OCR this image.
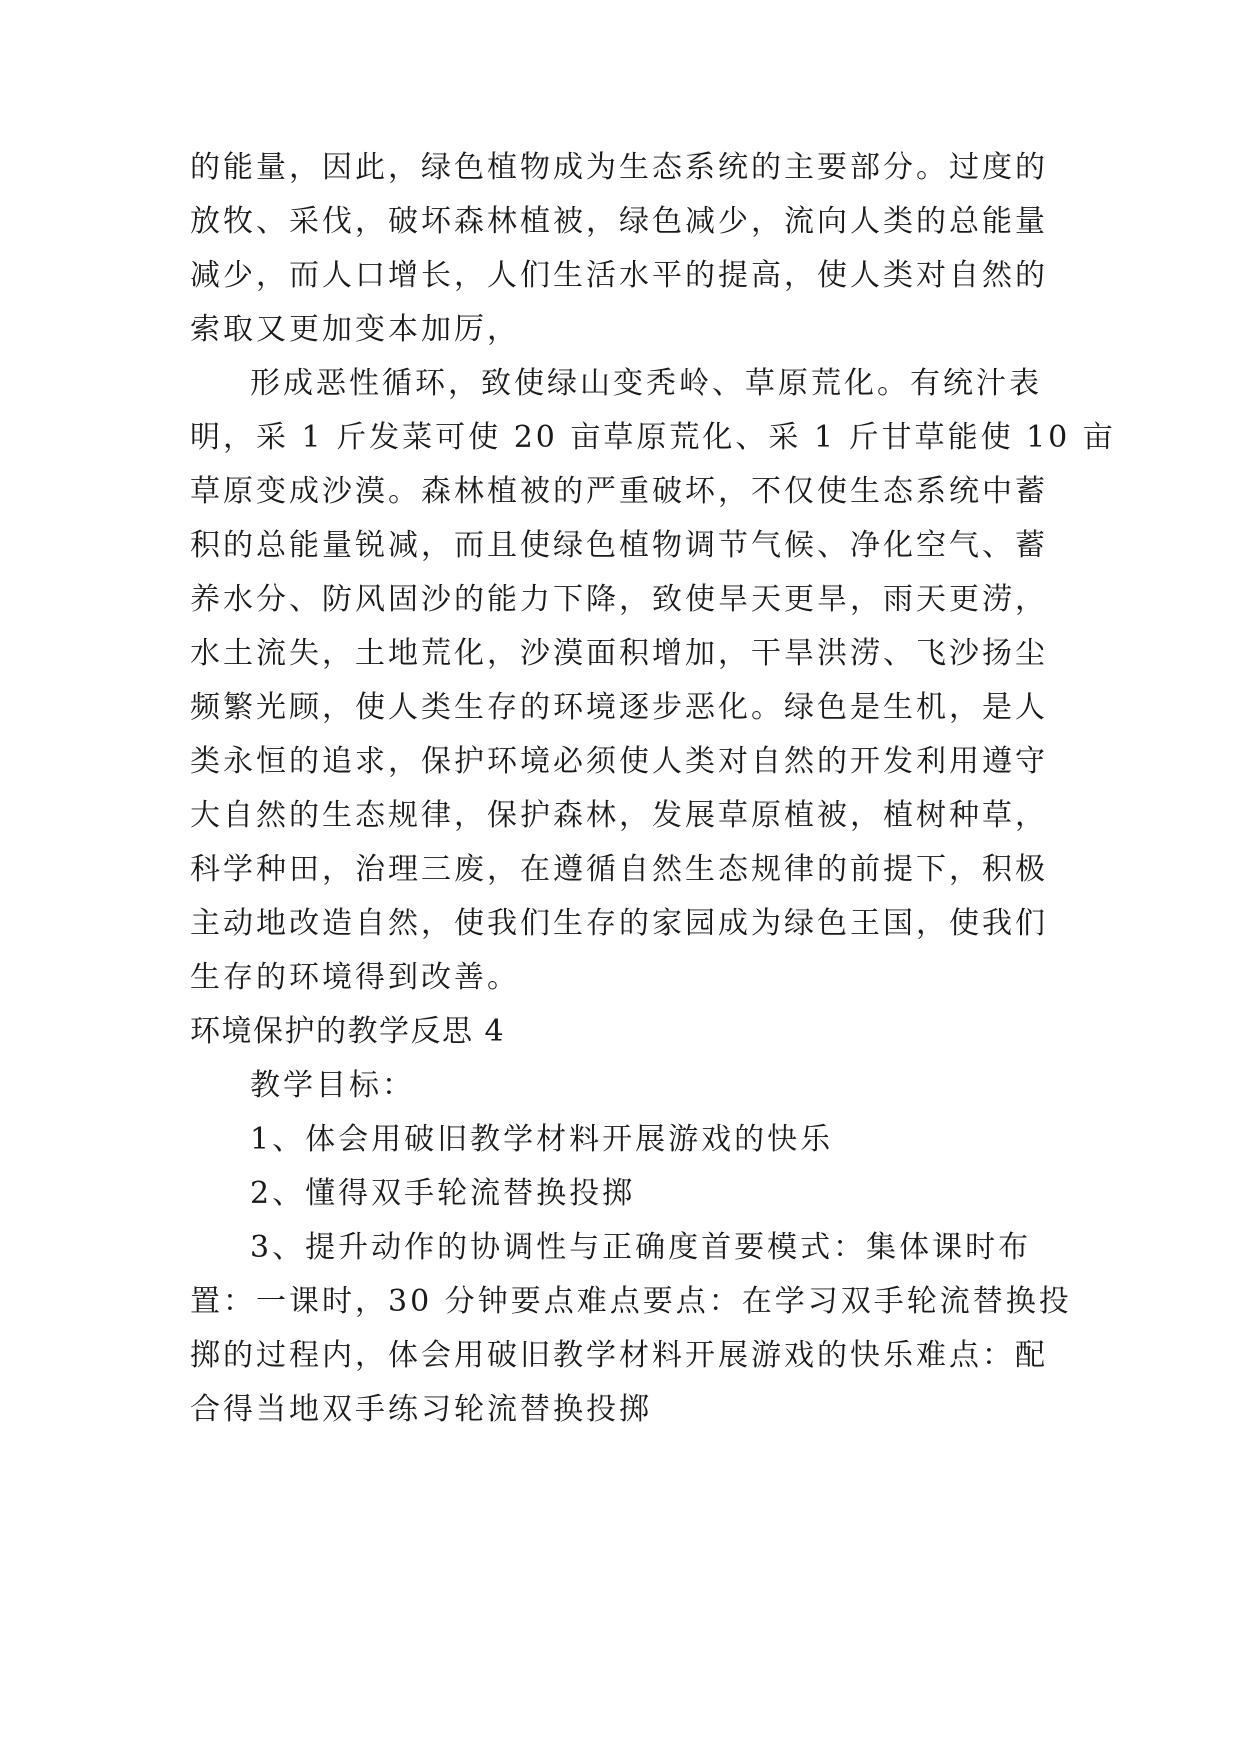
的能量，因此，绿色植物成为生态系统的主要部分。过度的
放牧、采伐，破坏森林植被，绿色减少，流向人类的总能量
减少，而人口增长，人们生活水平的提高，使人类对自然的
索取又更加变本加厉，
形成恶性循环，致使绿山变秃岭、草原荒化。有统汁表
明，采 1 斤发菜可使 20 亩草原荒化、采 1 斤甘草能使 10 亩
草原变成沙漠。森林植被的严重破坏，不仅使生态系统中蓄
积的总能量锐减，而且使绿色植物调节气候、净化空气、蓄
养水分、防风固沙的能力下降，致使旱天更旱，雨天更涝，
水土流失，土地荒化，沙漠面积增加，干旱洪涝、飞沙扬尘
频繁光顾，使人类生存的环境逐步恶化。绿色是生机，是人
类永恒的追求，保护环境必须使人类对自然的开发利用遵守
大自然的生态规律，保护森林，发展草原植被，植树种草，
科学种田，治理三废，在遵循自然生态规律的前提下，积极
主动地改造自然，使我们生存的家园成为绿色王国，使我们
生存的环境得到改善。
环境保护的教学反思 4
教学目标：
1、体会用破旧教学材料开展游戏的快乐
2、懂得双手轮流替换投掷
3、提升动作的协调性与正确度首要模式：集体课时布
置：一课时，30 分钟要点难点要点：在学习双手轮流替换投
掷的过程内，体会用破旧教学材料开展游戏的快乐难点：配
合得当地双手练习轮流替换投掷
